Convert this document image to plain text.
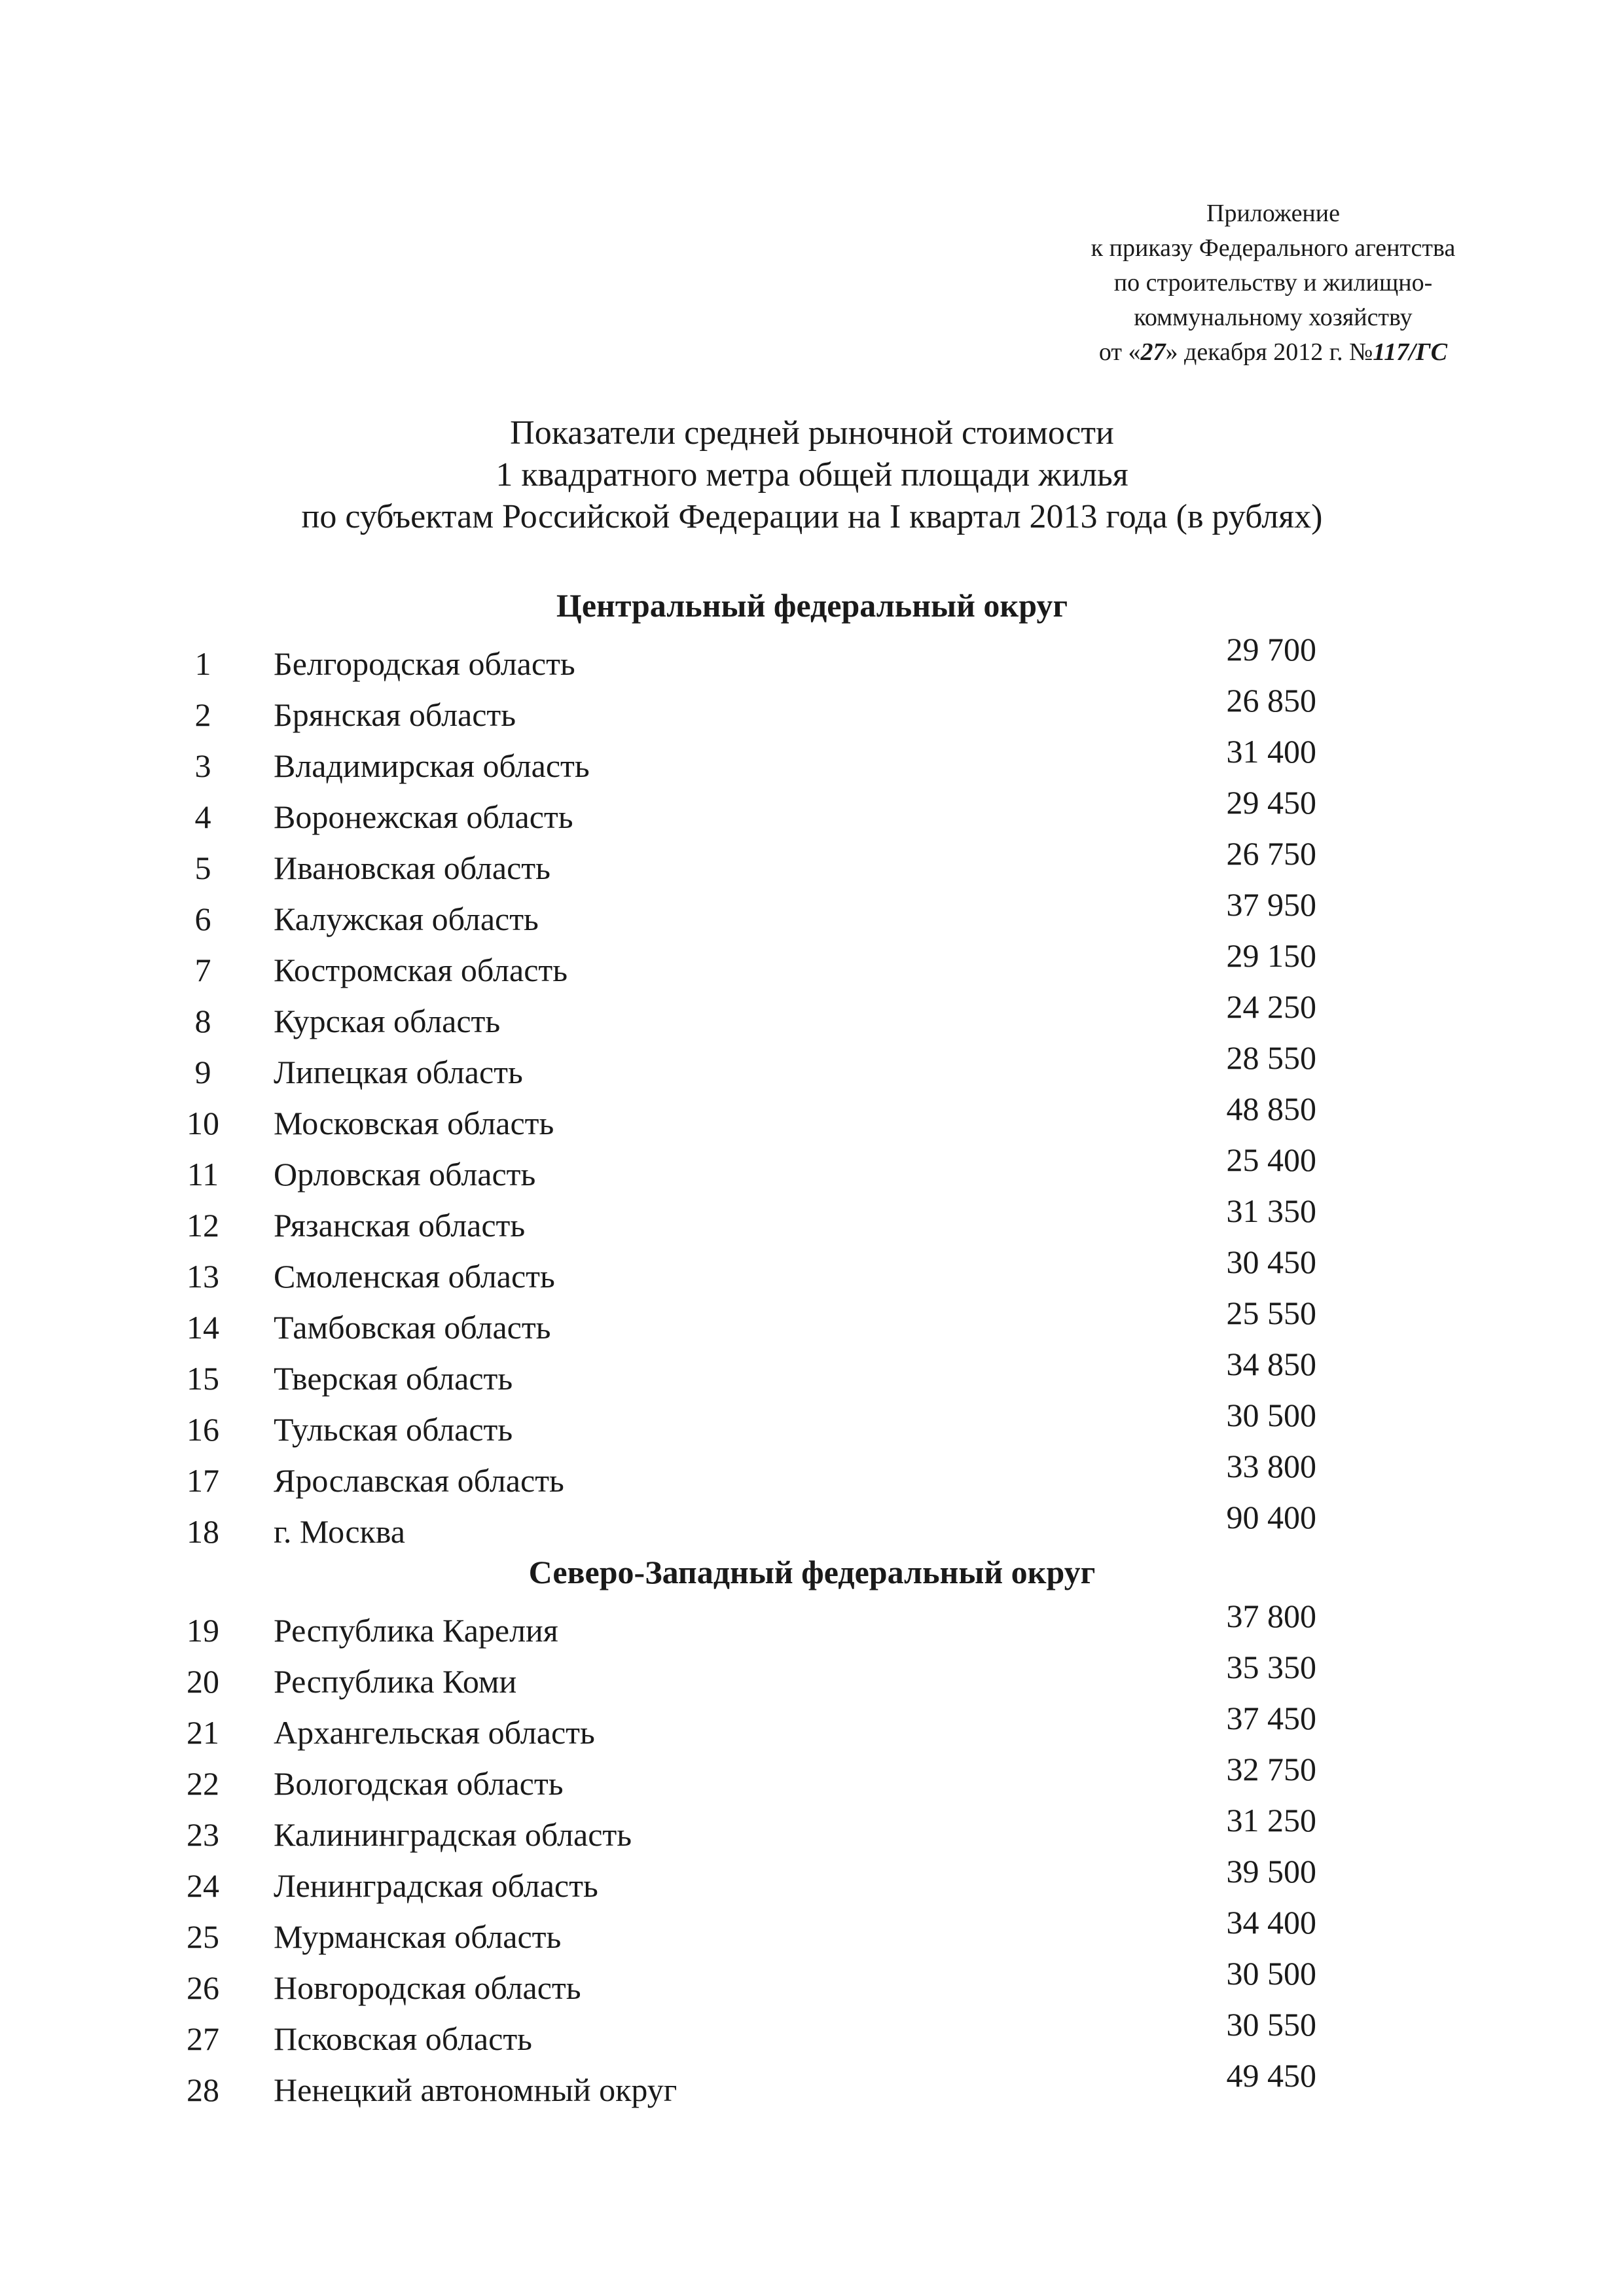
Приложение
к приказу Федерального агентства
по строительству и жилищно-
коммунальному хозяйству
от «27» декабря 2012 г. №117/ГС
Показатели средней рыночной стоимости
1 квадратного метра общей площади жилья
по субъектам Российской Федерации на I квартал 2013 года (в рублях)
Центральный федеральный округ
1	Белгородская область	29 700
2	Брянская область	26 850
3	Владимирская область	31 400
4	Воронежская область	29 450
5	Ивановская область	26 750
6	Калужская область	37 950
7	Костромская область	29 150
8	Курская область	24 250
9	Липецкая область	28 550
10	Московская область	48 850
11	Орловская область	25 400
12	Рязанская область	31 350
13	Смоленская область	30 450
14	Тамбовская область	25 550
15	Тверская область	34 850
16	Тульская область	30 500
17	Ярославская область	33 800
18	г. Москва	90 400
Северо-Западный федеральный округ
19	Республика Карелия	37 800
20	Республика Коми	35 350
21	Архангельская область	37 450
22	Вологодская область	32 750
23	Калининградская область	31 250
24	Ленинградская область	39 500
25	Мурманская область	34 400
26	Новгородская область	30 500
27	Псковская область	30 550
28	Ненецкий автономный округ	49 450
